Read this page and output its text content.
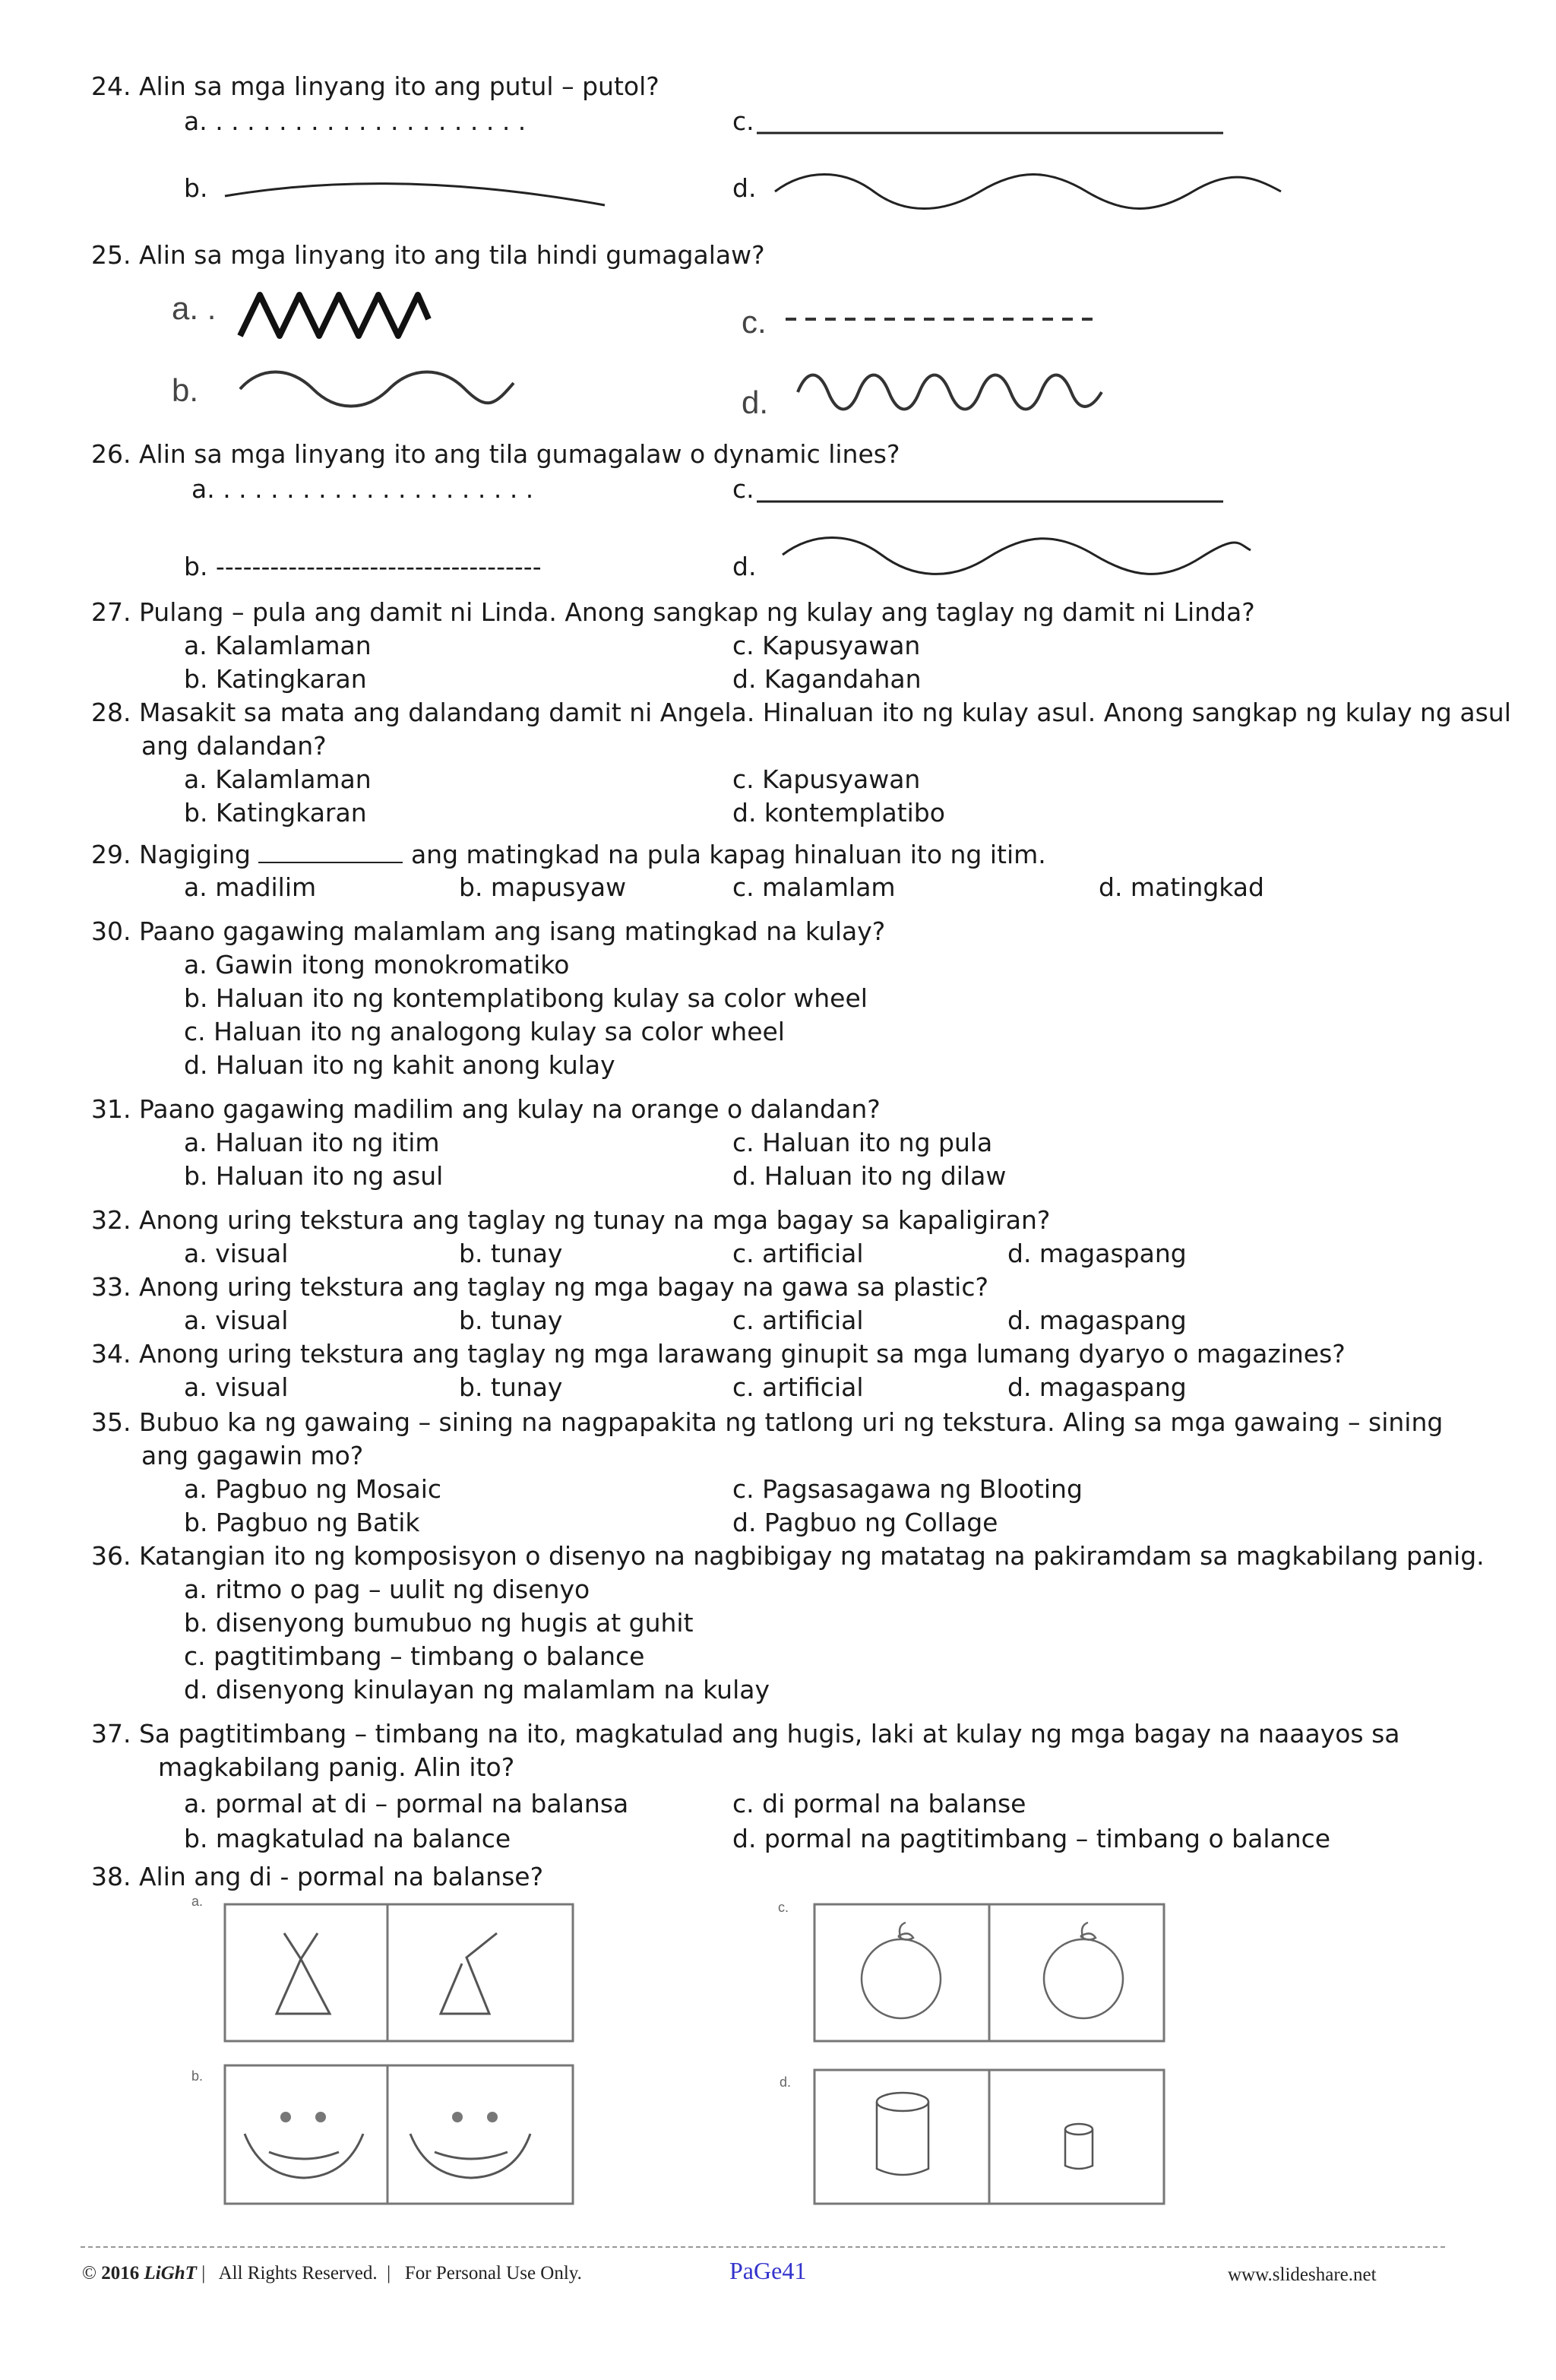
24. Alin sa mga linyang ito ang putul – putol?
a. . . . . . . . . . . . . . . . . . . . .	c.
b.	d.
25. Alin sa mga linyang ito ang tila hindi gumagalaw?
a. .
b.
c.
d.
26. Alin sa mga linyang ito ang tila gumagalaw o dynamic lines?
a. . . . . . . . . . . . . . . . . . . . .	c.
b. ------------------------------------	d.
27. Pulang – pula ang damit ni Linda. Anong sangkap ng kulay ang taglay ng damit ni Linda?
a. Kalamlaman	c. Kapusyawan
b. Katingkaran	d. Kagandahan
28. Masakit sa mata ang dalandang damit ni Angela. Hinaluan ito ng kulay asul. Anong sangkap ng kulay ng asul
ang dalandan?
a. Kalamlaman	c. Kapusyawan
b. Katingkaran	d. kontemplatibo
29. Nagiging	ang matingkad na pula kapag hinaluan ito ng itim.
a. madilim	b. mapusyaw	c. malamlam	d. matingkad
30. Paano gagawing malamlam ang isang matingkad na kulay?
a. Gawin itong monokromatiko
b. Haluan ito ng kontemplatibong kulay sa color wheel
c. Haluan ito ng analogong kulay sa color wheel
d. Haluan ito ng kahit anong kulay
31. Paano gagawing madilim ang kulay na orange o dalandan?
a. Haluan ito ng itim	c. Haluan ito ng pula
b. Haluan ito ng asul	d. Haluan ito ng dilaw
32. Anong uring tekstura ang taglay ng tunay na mga bagay sa kapaligiran?
a. visual	b. tunay	c. artificial	d. magaspang
33. Anong uring tekstura ang taglay ng mga bagay na gawa sa plastic?
a. visual	b. tunay	c. artificial	d. magaspang
34. Anong uring tekstura ang taglay ng mga larawang ginupit sa mga lumang dyaryo o magazines?
a. visual	b. tunay	c. artificial	d. magaspang
35. Bubuo ka ng gawaing – sining na nagpapakita ng tatlong uri ng tekstura. Aling sa mga gawaing – sining
ang gagawin mo?
a. Pagbuo ng Mosaic	c. Pagsasagawa ng Blooting
b. Pagbuo ng Batik	d. Pagbuo ng Collage
36. Katangian ito ng komposisyon o disenyo na nagbibigay ng matatag na pakiramdam sa magkabilang panig.
a. ritmo o pag – uulit ng disenyo
b. disenyong bumubuo ng hugis at guhit
c. pagtitimbang – timbang o balance
d. disenyong kinulayan ng malamlam na kulay
37. Sa pagtitimbang – timbang na ito, magkatulad ang hugis, laki at kulay ng mga bagay na naaayos sa
magkabilang panig. Alin ito?
a. pormal at di – pormal na balansa	c. di pormal na balanse
b. magkatulad na balance	d. pormal na pagtitimbang – timbang o balance
38. Alin ang di - pormal na balanse?
a.	c.
b.	d.
© 2016 LiGhT |   All Rights Reserved.  |   For Personal Use Only.	PaGe41	www.slideshare.net
